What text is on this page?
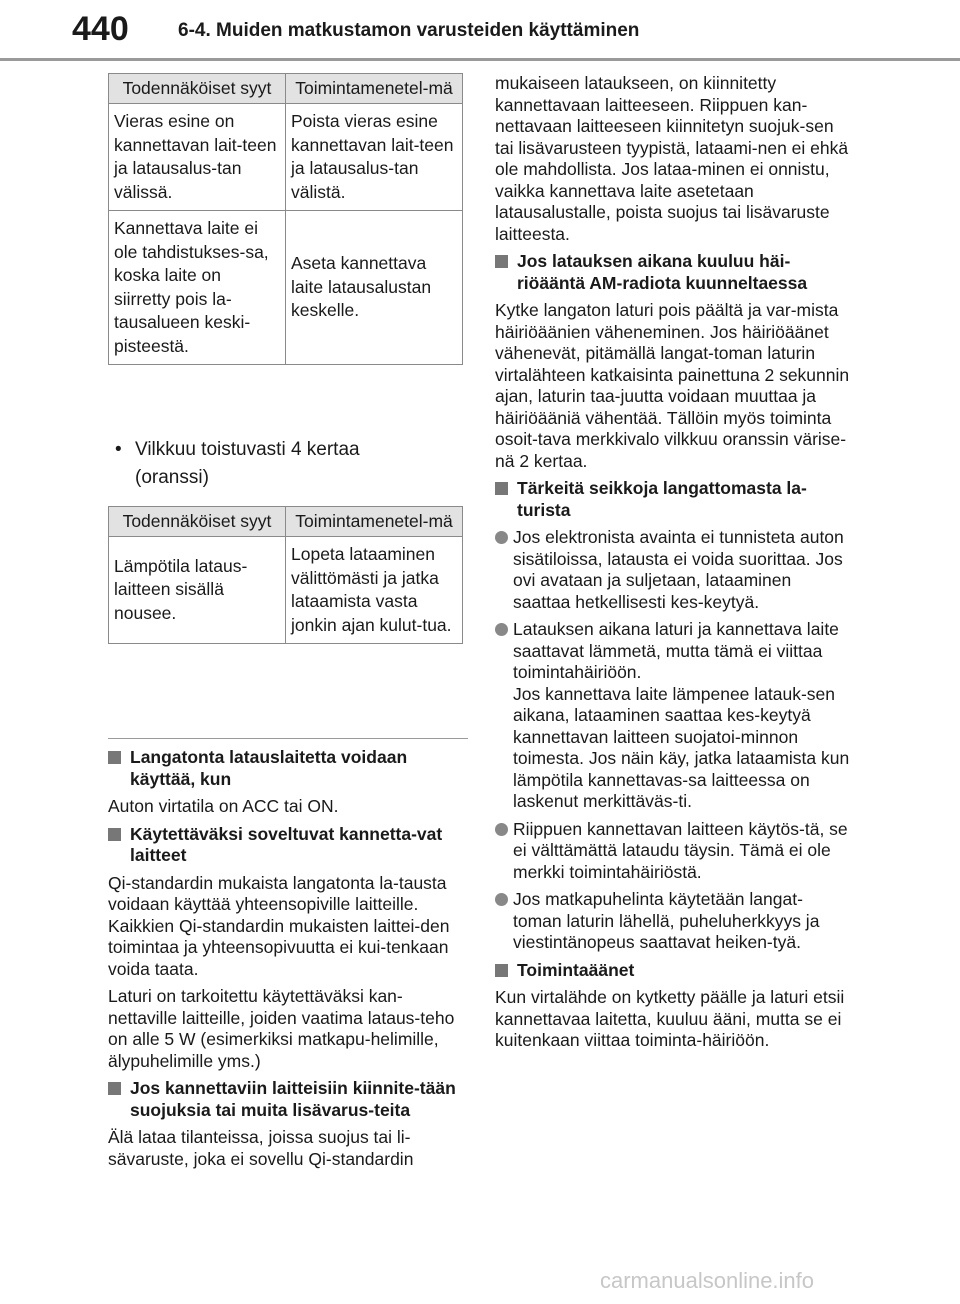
440	6-4. Muiden matkustamon varusteiden käyttäminen
Todennäköiset syyt	Toimintamenetel-mä
Vieras esine on kannettavan lait-teen ja latausalus-tan välissä.	Poista vieras esine kannettavan lait-teen ja latausalus-tan välistä.
Kannettava laite ei ole tahdistukses-sa, koska laite on siirretty pois la-tausalueen keski-pisteestä.	Aseta kannettava laite latausalustan keskelle.
• Vilkkuu toistuvasti 4 kertaa
(oranssi)
Todennäköiset syyt	Toimintamenetel-mä
Lämpötila lataus-laitteen sisällä nousee.	Lopeta lataaminen välittömästi ja jatka lataamista vasta jonkin ajan kulut-tua.
Langatonta latauslaitetta voidaan käyttää, kun

Auton virtatila on ACC tai ON.

Käytettäväksi soveltuvat kannetta-vat laitteet

Qi-standardin mukaista langatonta la-tausta voidaan käyttää yhteensopiville laitteille.

Kaikkien Qi-standardin mukaisten laittei-den toimintaa ja yhteensopivuutta ei kui-tenkaan voida taata.

Laturi on tarkoitettu käytettäväksi kan-nettaville laitteille, joiden vaatima lataus-teho on alle 5 W (esimerkiksi matkapu-helimille, älypuhelimille yms.)

Jos kannettaviin laitteisiin kiinnite-tään suojuksia tai muita lisävarus-teita

Älä lataa tilanteissa, joissa suojus tai li-sävaruste, joka ei sovellu Qi-standardin

mukaiseen lataukseen, on kiinnitetty kannettavaan laitteeseen. Riippuen kan-nettavaan laitteeseen kiinnitetyn suojuk-sen tai lisävarusteen tyypistä, lataami-nen ei ehkä ole mahdollista. Jos lataa-minen ei onnistu, vaikka kannettava laite asetetaan latausalustalle, poista suojus tai lisävaruste laitteesta.

Jos latauksen aikana kuuluu häi-riöääntä AM-radiota kuunneltaessa

Kytke langaton laturi pois päältä ja var-mista häiriöäänien väheneminen. Jos häiriöäänet vähenevät, pitämällä langat-toman laturin virtalähteen katkaisinta painettuna 2 sekunnin ajan, laturin taa-juutta voidaan muuttaa ja häiriöääniä vähentää. Tällöin myös toiminta osoit-tava merkkivalo vilkkuu oranssin värise-nä 2 kertaa.

Tärkeitä seikkoja langattomasta la-turista
Jos elektronista avainta ei tunnisteta auton sisätiloissa, latausta ei voida suorittaa. Jos ovi avataan ja suljetaan, lataaminen saattaa hetkellisesti kes-keytyä.
Latauksen aikana laturi ja kannettava laite saattavat lämmetä, mutta tämä ei viittaa toimintahäiriöön.
Jos kannettava laite lämpenee latauk-sen aikana, lataaminen saattaa kes-keytyä kannettavan laitteen suojatoi-minnon toimesta. Jos näin käy, jatka lataamista kun lämpötila kannettavas-sa laitteessa on laskenut merkittäväs-ti.
Riippuen kannettavan laitteen käytös-tä, se ei välttämättä lataudu täysin. Tämä ei ole merkki toimintahäiriöstä.
Jos matkapuhelinta käytetään langat-toman laturin lähellä, puheluherkkyys ja viestintänopeus saattavat heiken-tyä.
Toimintaäänet

Kun virtalähde on kytketty päälle ja laturi etsii kannettavaa laitetta, kuuluu ääni, mutta se ei kuitenkaan viittaa toiminta-häiriöön.

carmanualsonline.info
